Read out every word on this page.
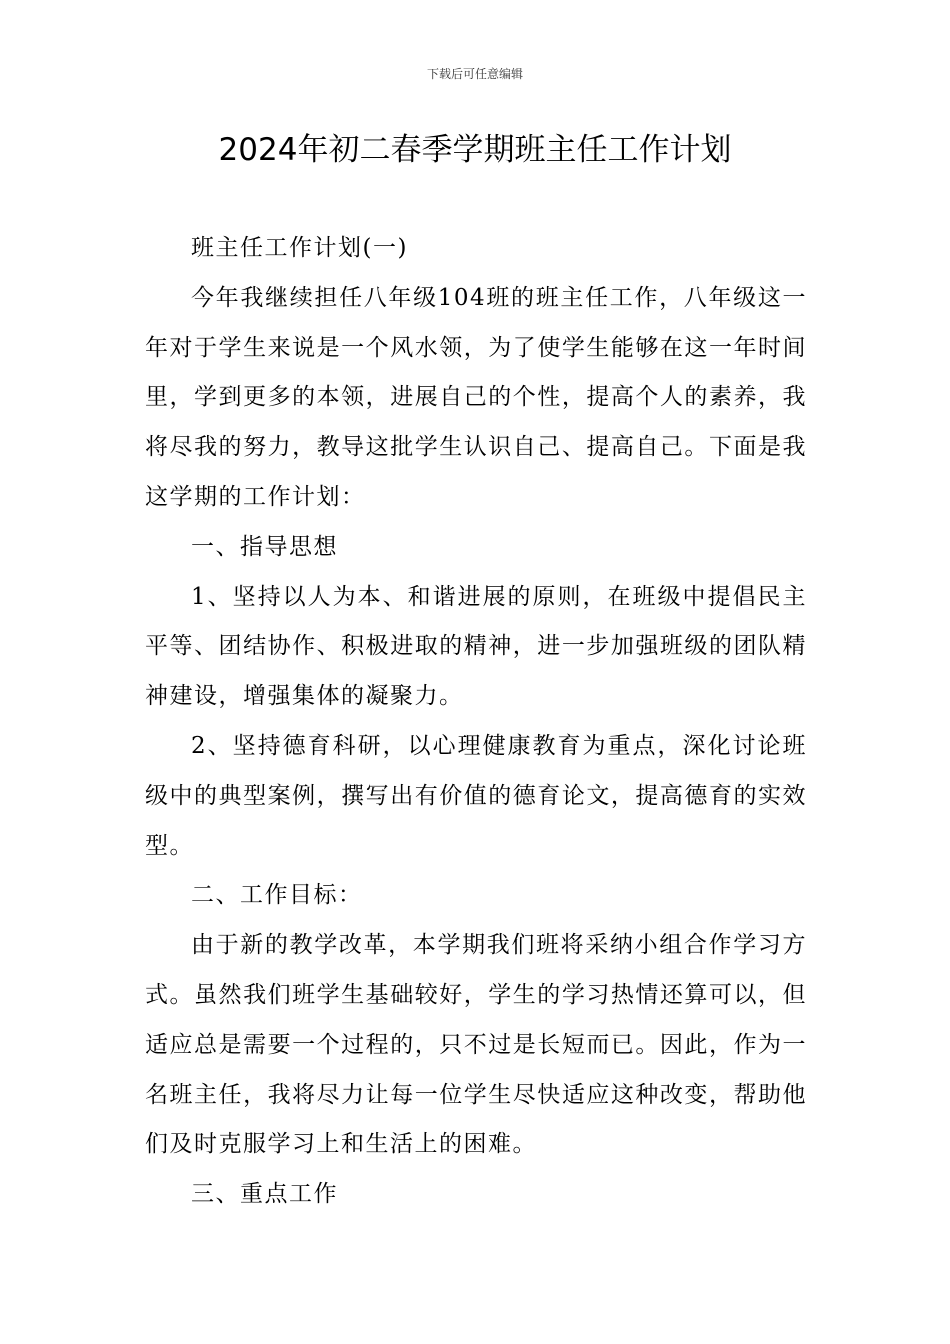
下载后可任意编辑
2024年初二春季学期班主任工作计划

班主任工作计划(一)

今年我继续担任八年级104班的班主任工作，八年级这一年对于学生来说是一个风水领，为了使学生能够在这一年时间里，学到更多的本领，进展自己的个性，提高个人的素养，我将尽我的努力，教导这批学生认识自己、提高自己。下面是我这学期的工作计划：

一、指导思想

1、坚持以人为本、和谐进展的原则，在班级中提倡民主平等、团结协作、积极进取的精神，进一步加强班级的团队精神建设，增强集体的凝聚力。

2、坚持德育科研，以心理健康教育为重点，深化讨论班级中的典型案例，撰写出有价值的德育论文，提高德育的实效型。

二、工作目标：

由于新的教学改革，本学期我们班将采纳小组合作学习方式。虽然我们班学生基础较好，学生的学习热情还算可以，但适应总是需要一个过程的，只不过是长短而已。因此，作为一名班主任，我将尽力让每一位学生尽快适应这种改变，帮助他们及时克服学习上和生活上的困难。

三、重点工作
